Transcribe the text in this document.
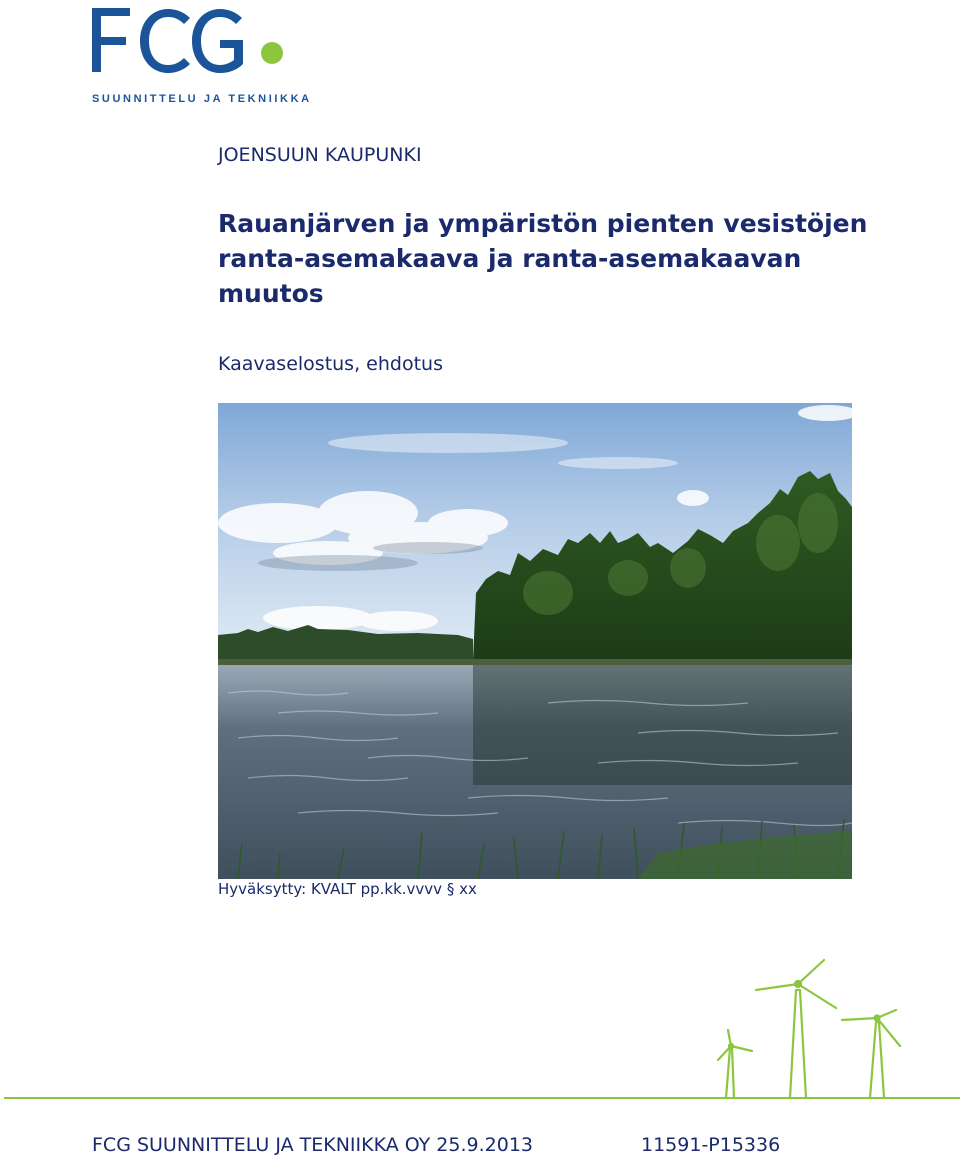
SUUNNITTELU JA TEKNIIKKA
JOENSUUN KAUPUNKI
Rauanjärven ja ympäristön pienten vesistöjen
ranta-asemakaava ja ranta-asemakaavan
muutos
Kaavaselostus, ehdotus
Hyväksytty: KVALT pp.kk.vvvv § xx
FCG SUUNNITTELU JA TEKNIIKKA OY 25.9.2013	11591-P15336
